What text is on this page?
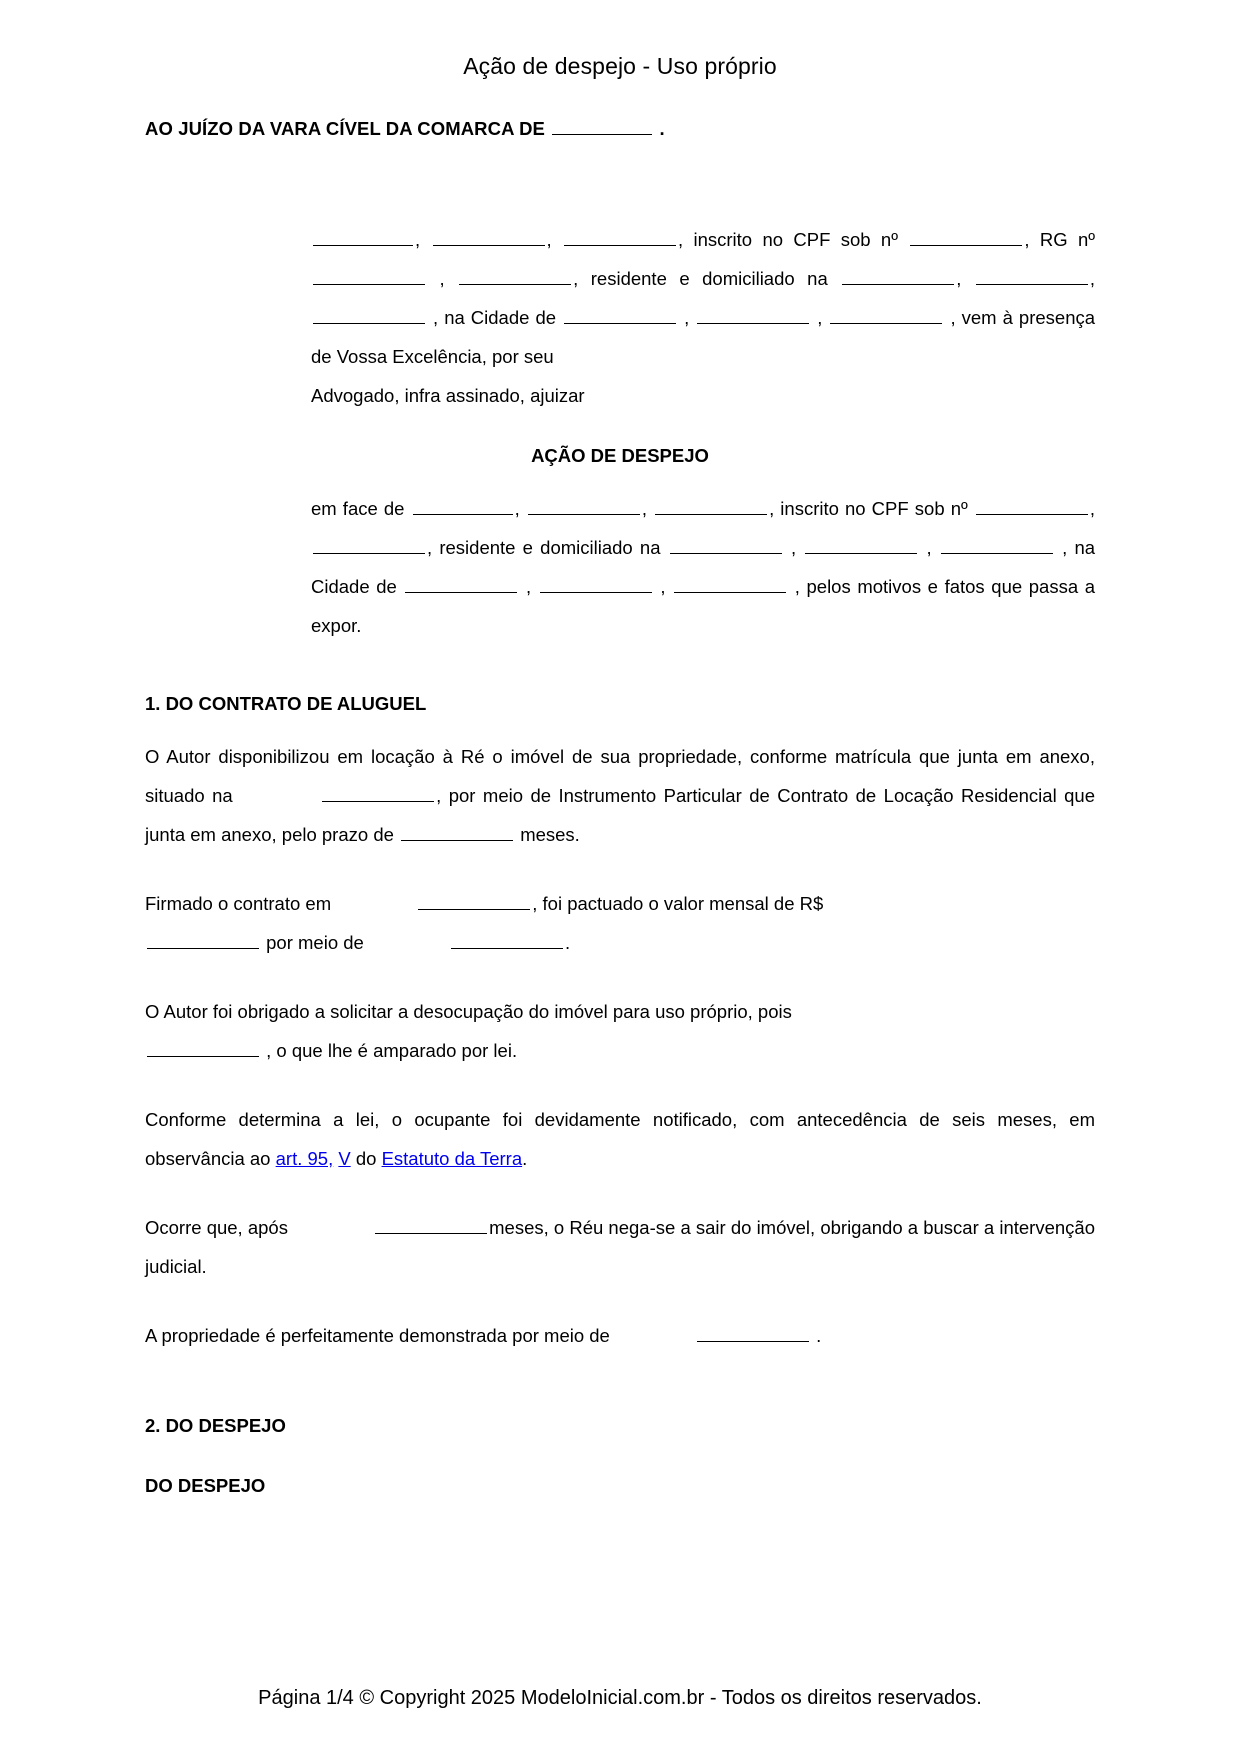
Ação de despejo - Uso próprio
AO JUÍZO DA VARA CÍVEL DA COMARCA DE	.

,	,	, inscrito no CPF sob nº	, RG nº  ,	, residente e domiciliado na	,	,  , na Cidade de	,	,	, vem à presença de Vossa Excelência, por seu

Advogado, infra assinado, ajuizar

AÇÃO DE DESPEJO

em face de	,	,	, inscrito no CPF sob nº	, , residente e domiciliado na	,	,	, na Cidade de	,	,	, pelos motivos e fatos que passa a expor.

1. DO CONTRATO DE ALUGUEL

O Autor disponibilizou em locação à Ré o imóvel de sua propriedade, conforme matrícula que junta em anexo, situado na	, por meio de Instrumento Particular de Contrato de Locação Residencial que junta em anexo, pelo prazo de	meses.

Firmado o contrato em	, foi pactuado o valor mensal de R$
por meio de	.

O Autor foi obrigado a solicitar a desocupação do imóvel para uso próprio, pois
, o que lhe é amparado por lei.

Conforme determina a lei, o ocupante foi devidamente notificado, com antecedência de seis meses, em observância ao art. 95, V do Estatuto da Terra.

Ocorre que, após	meses, o Réu nega-se a sair do imóvel, obrigando a buscar a intervenção judicial.

A propriedade é perfeitamente demonstrada por meio de	.

2. DO DESPEJO
DO DESPEJO
Página 1/4 © Copyright 2025 ModeloInicial.com.br - Todos os direitos reservados.
